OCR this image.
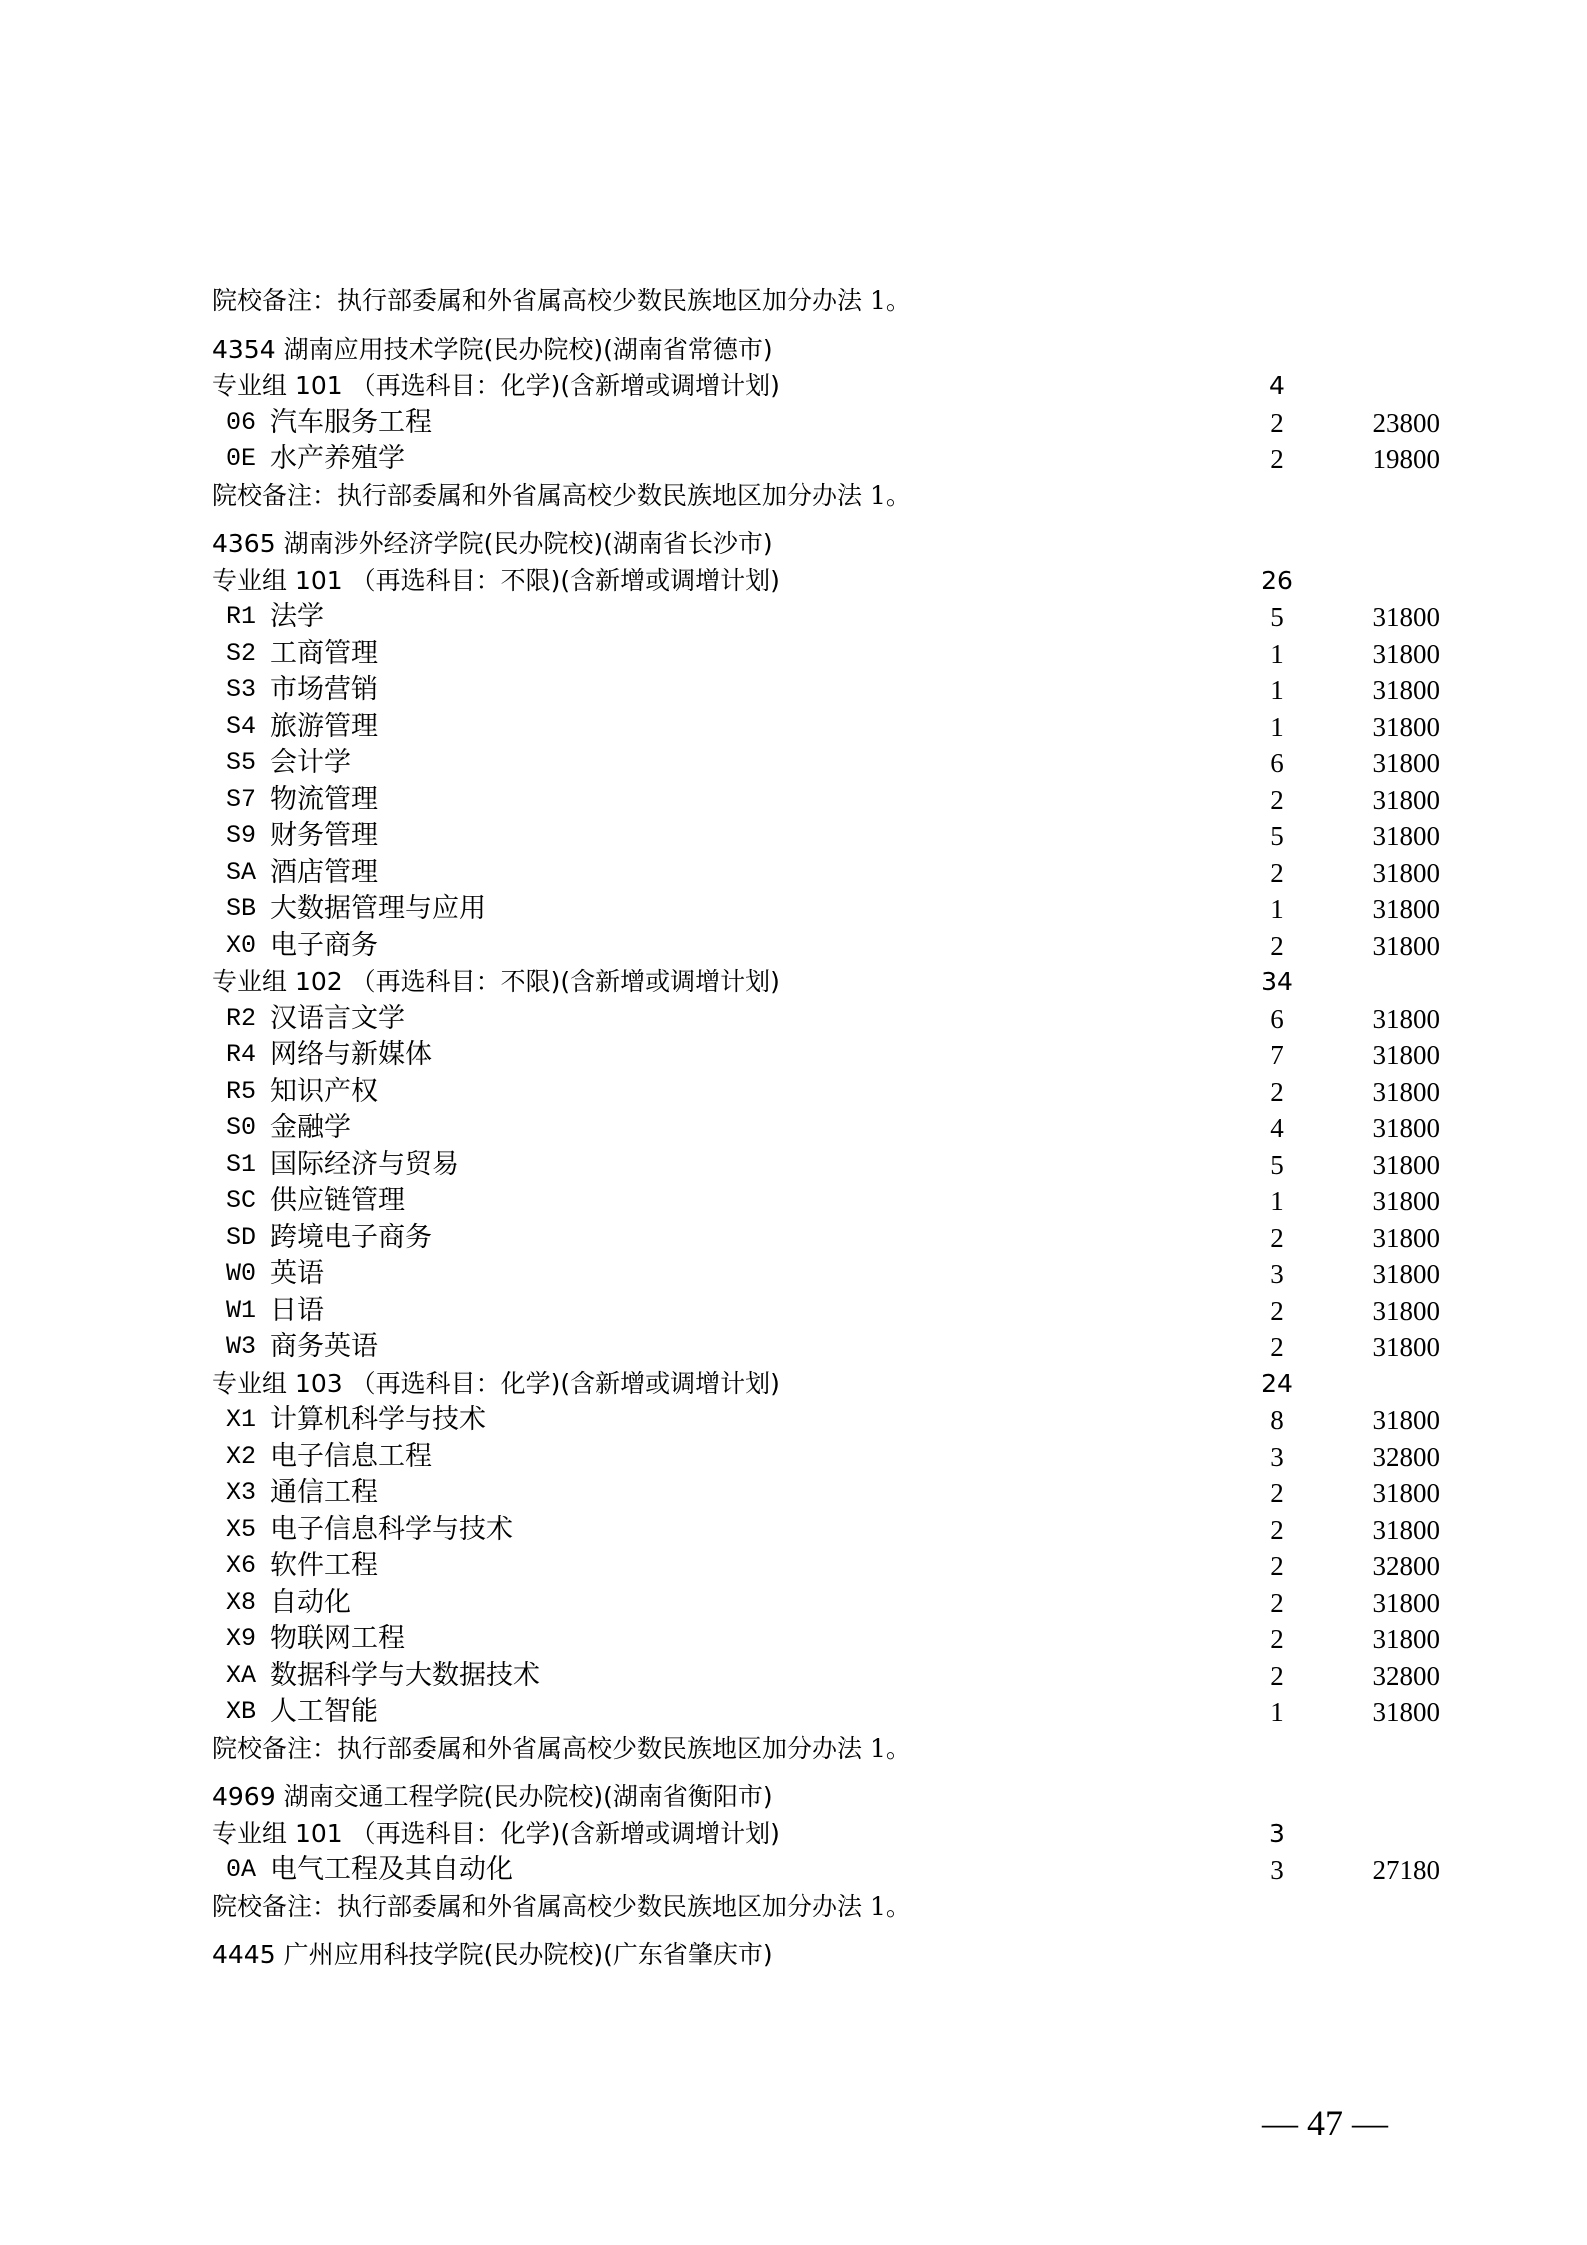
院校备注：执行部委属和外省属高校少数民族地区加分办法 1。
4354 湖南应用技术学院(民办院校)(湖南省常德市)
专业组 101 （再选科目：化学)(含新增或调增计划)	4
06 汽车服务工程	2	23800
0E 水产养殖学	2	19800
院校备注：执行部委属和外省属高校少数民族地区加分办法 1。
4365 湖南涉外经济学院(民办院校)(湖南省长沙市)
专业组 101 （再选科目：不限)(含新增或调增计划)	26
R1 法学	5	31800
S2 工商管理	1	31800
S3 市场营销	1	31800
S4 旅游管理	1	31800
S5 会计学	6	31800
S7 物流管理	2	31800
S9 财务管理	5	31800
SA 酒店管理	2	31800
SB 大数据管理与应用	1	31800
X0 电子商务	2	31800
专业组 102 （再选科目：不限)(含新增或调增计划)	34
R2 汉语言文学	6	31800
R4 网络与新媒体	7	31800
R5 知识产权	2	31800
S0 金融学	4	31800
S1 国际经济与贸易	5	31800
SC 供应链管理	1	31800
SD 跨境电子商务	2	31800
W0 英语	3	31800
W1 日语	2	31800
W3 商务英语	2	31800
专业组 103 （再选科目：化学)(含新增或调增计划)	24
X1 计算机科学与技术	8	31800
X2 电子信息工程	3	32800
X3 通信工程	2	31800
X5 电子信息科学与技术	2	31800
X6 软件工程	2	32800
X8 自动化	2	31800
X9 物联网工程	2	31800
XA 数据科学与大数据技术	2	32800
XB 人工智能	1	31800
院校备注：执行部委属和外省属高校少数民族地区加分办法 1。
4969 湖南交通工程学院(民办院校)(湖南省衡阳市)
专业组 101 （再选科目：化学)(含新增或调增计划)	3
0A 电气工程及其自动化	3	27180
院校备注：执行部委属和外省属高校少数民族地区加分办法 1。
4445 广州应用科技学院(民办院校)(广东省肇庆市)
— 47 —
